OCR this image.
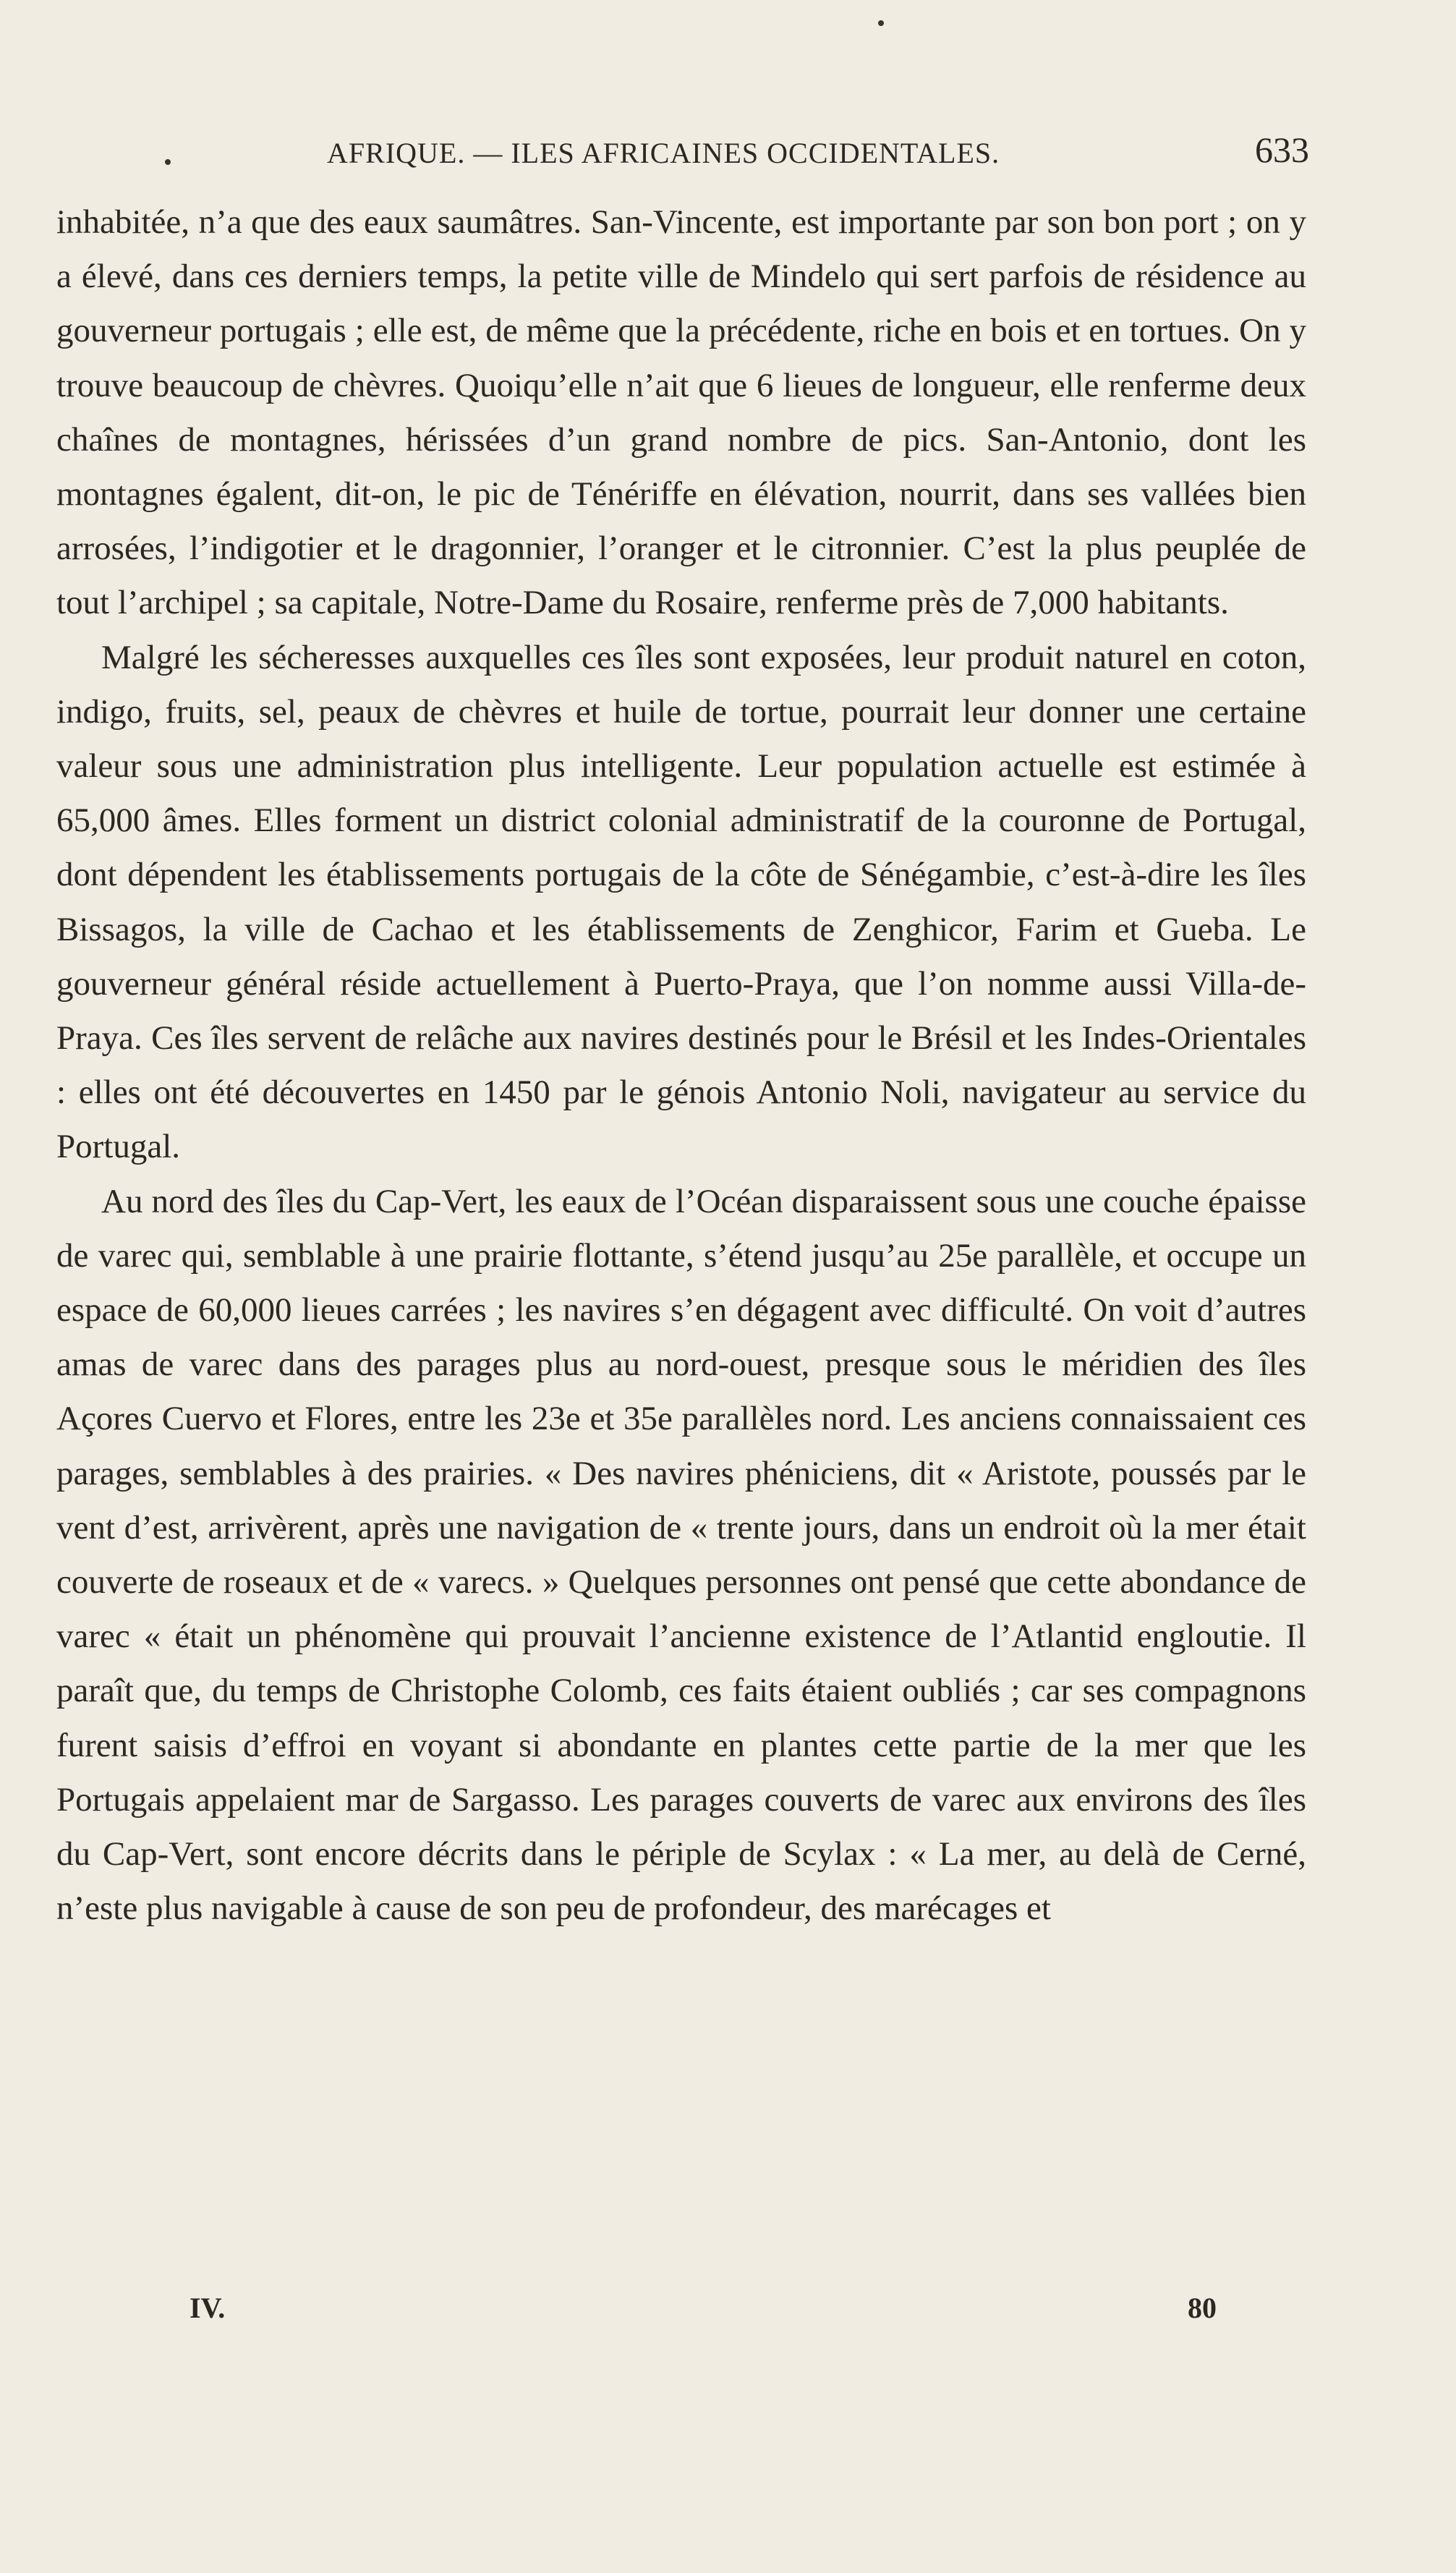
AFRIQUE. — ILES AFRICAINES OCCIDENTALES.	633

inhabitée, n’a que des eaux saumâtres. San-Vincente, est importante par son bon port ; on y a élevé, dans ces derniers temps, la petite ville de Mindelo qui sert parfois de résidence au gouverneur portugais ; elle est, de même que la précédente, riche en bois et en tortues. On y trouve beaucoup de chèvres. Quoiqu’elle n’ait que 6 lieues de longueur, elle renferme deux chaînes de montagnes, hérissées d’un grand nombre de pics. San-Antonio, dont les montagnes égalent, dit-on, le pic de Ténériffe en élévation, nourrit, dans ses vallées bien arrosées, l’indigotier et le dragonnier, l’oranger et le citronnier. C’est la plus peuplée de tout l’archipel ; sa capitale, Notre-Dame du Rosaire, renferme près de 7,000 habitants.

Malgré les sécheresses auxquelles ces îles sont exposées, leur produit naturel en coton, indigo, fruits, sel, peaux de chèvres et huile de tortue, pourrait leur donner une certaine valeur sous une administration plus intelligente. Leur population actuelle est estimée à 65,000 âmes. Elles forment un district colonial administratif de la couronne de Portugal, dont dépendent les établissements portugais de la côte de Sénégambie, c’est-à-dire les îles Bissagos, la ville de Cachao et les établissements de Zenghicor, Farim et Gueba. Le gouverneur général réside actuellement à Puerto-Praya, que l’on nomme aussi Villa-de-Praya. Ces îles servent de relâche aux navires destinés pour le Brésil et les Indes-Orientales : elles ont été découvertes en 1450 par le génois Antonio Noli, navigateur au service du Portugal.

Au nord des îles du Cap-Vert, les eaux de l’Océan disparaissent sous une couche épaisse de varec qui, semblable à une prairie flottante, s’étend jusqu’au 25e parallèle, et occupe un espace de 60,000 lieues carrées ; les navires s’en dégagent avec difficulté. On voit d’autres amas de varec dans des parages plus au nord-ouest, presque sous le méridien des îles Açores Cuervo et Flores, entre les 23e et 35e parallèles nord. Les anciens connaissaient ces parages, semblables à des prairies. « Des navires phéniciens, dit « Aristote, poussés par le vent d’est, arrivèrent, après une navigation de « trente jours, dans un endroit où la mer était couverte de roseaux et de « varecs. » Quelques personnes ont pensé que cette abondance de varec « était un phénomène qui prouvait l’ancienne existence de l’Atlantid engloutie. Il paraît que, du temps de Christophe Colomb, ces faits étaient oubliés ; car ses compagnons furent saisis d’effroi en voyant si abondante en plantes cette partie de la mer que les Portugais appelaient mar de Sargasso. Les parages couverts de varec aux environs des îles du Cap-Vert, sont encore décrits dans le périple de Scylax : « La mer, au delà de Cerné, n’este plus navigable à cause de son peu de profondeur, des marécages et

IV.	80
